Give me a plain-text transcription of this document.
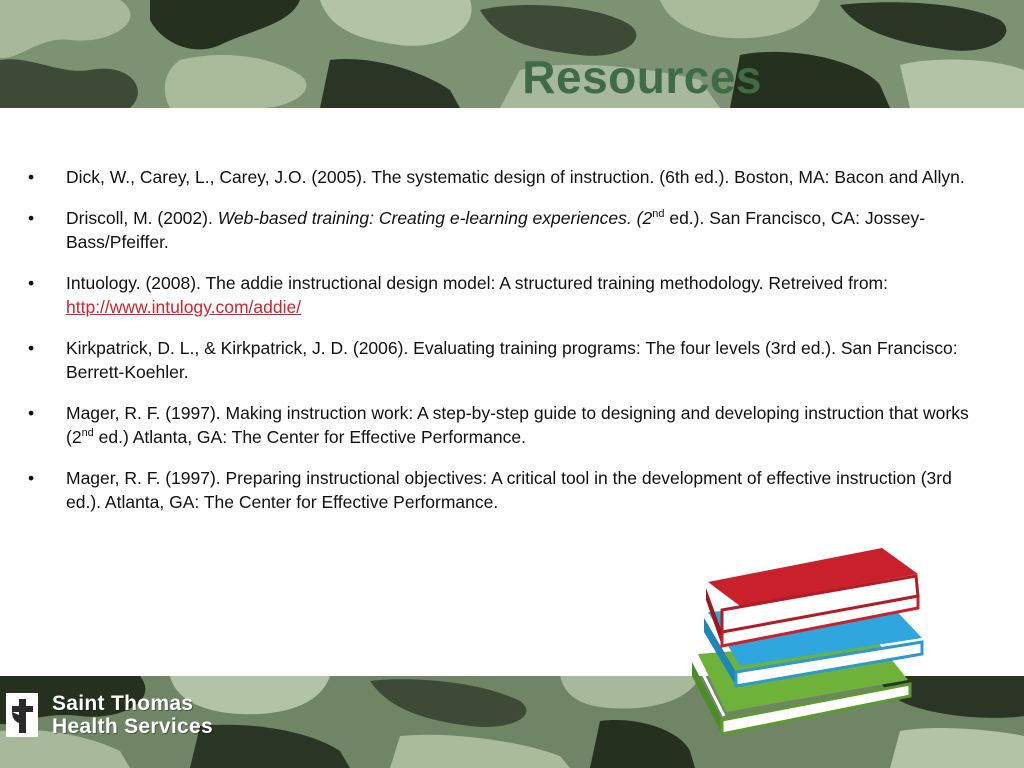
Resources
• Dick, W., Carey, L., Carey, J.O. (2005). The systematic design of instruction. (6th ed.). Boston, MA: Bacon and Allyn.
• Driscoll, M. (2002). Web-based training: Creating e-learning experiences. (2nd ed.). San Francisco, CA: Jossey-Bass/Pfeiffer.
• Intuology. (2008). The addie instructional design model: A structured training methodology. Retreived from: http://www.intulogy.com/addie/
• Kirkpatrick, D. L., & Kirkpatrick, J. D. (2006). Evaluating training programs: The four levels (3rd ed.). San Francisco: Berrett-Koehler.
• Mager, R. F. (1997). Making instruction work: A step-by-step guide to designing and developing instruction that works (2nd ed.) Atlanta, GA: The Center for Effective Performance.
• Mager, R. F. (1997). Preparing instructional objectives: A critical tool in the development of effective instruction (3rd ed.). Atlanta, GA: The Center for Effective Performance.
Saint Thomas
Health Services
